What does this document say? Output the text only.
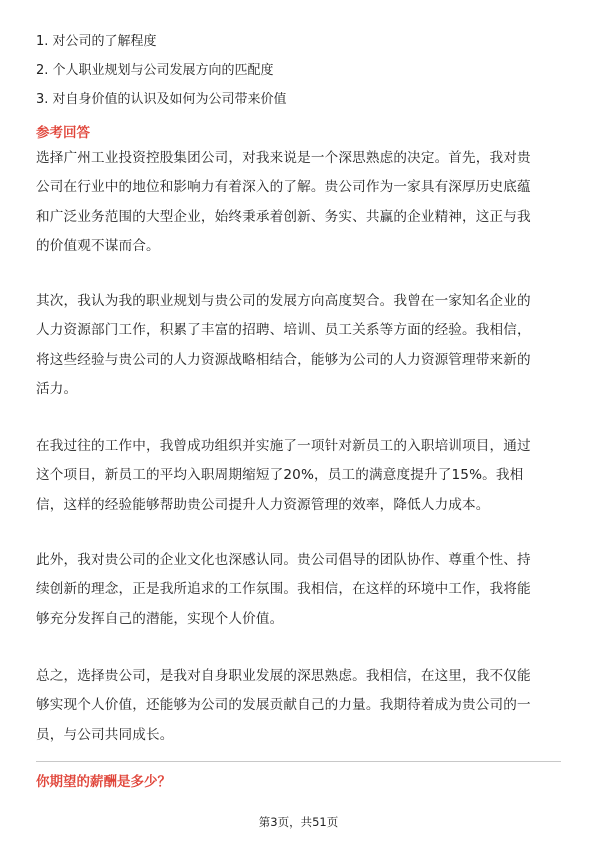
1. 对公司的了解程度
2. 个人职业规划与公司发展方向的匹配度
3. 对自身价值的认识及如何为公司带来价值
参考回答
选择广州工业投资控股集团公司，对我来说是一个深思熟虑的决定。首先，我对贵
公司在行业中的地位和影响力有着深入的了解。贵公司作为一家具有深厚历史底蕴
和广泛业务范围的大型企业，始终秉承着创新、务实、共赢的企业精神，这正与我
的价值观不谋而合。
其次，我认为我的职业规划与贵公司的发展方向高度契合。我曾在一家知名企业的
人力资源部门工作，积累了丰富的招聘、培训、员工关系等方面的经验。我相信，
将这些经验与贵公司的人力资源战略相结合，能够为公司的人力资源管理带来新的
活力。
在我过往的工作中，我曾成功组织并实施了一项针对新员工的入职培训项目，通过
这个项目，新员工的平均入职周期缩短了20%，员工的满意度提升了15%。我相
信，这样的经验能够帮助贵公司提升人力资源管理的效率，降低人力成本。
此外，我对贵公司的企业文化也深感认同。贵公司倡导的团队协作、尊重个性、持
续创新的理念，正是我所追求的工作氛围。我相信，在这样的环境中工作，我将能
够充分发挥自己的潜能，实现个人价值。
总之，选择贵公司，是我对自身职业发展的深思熟虑。我相信，在这里，我不仅能
够实现个人价值，还能够为公司的发展贡献自己的力量。我期待着成为贵公司的一
员，与公司共同成长。
你期望的薪酬是多少？
第3页，共51页
